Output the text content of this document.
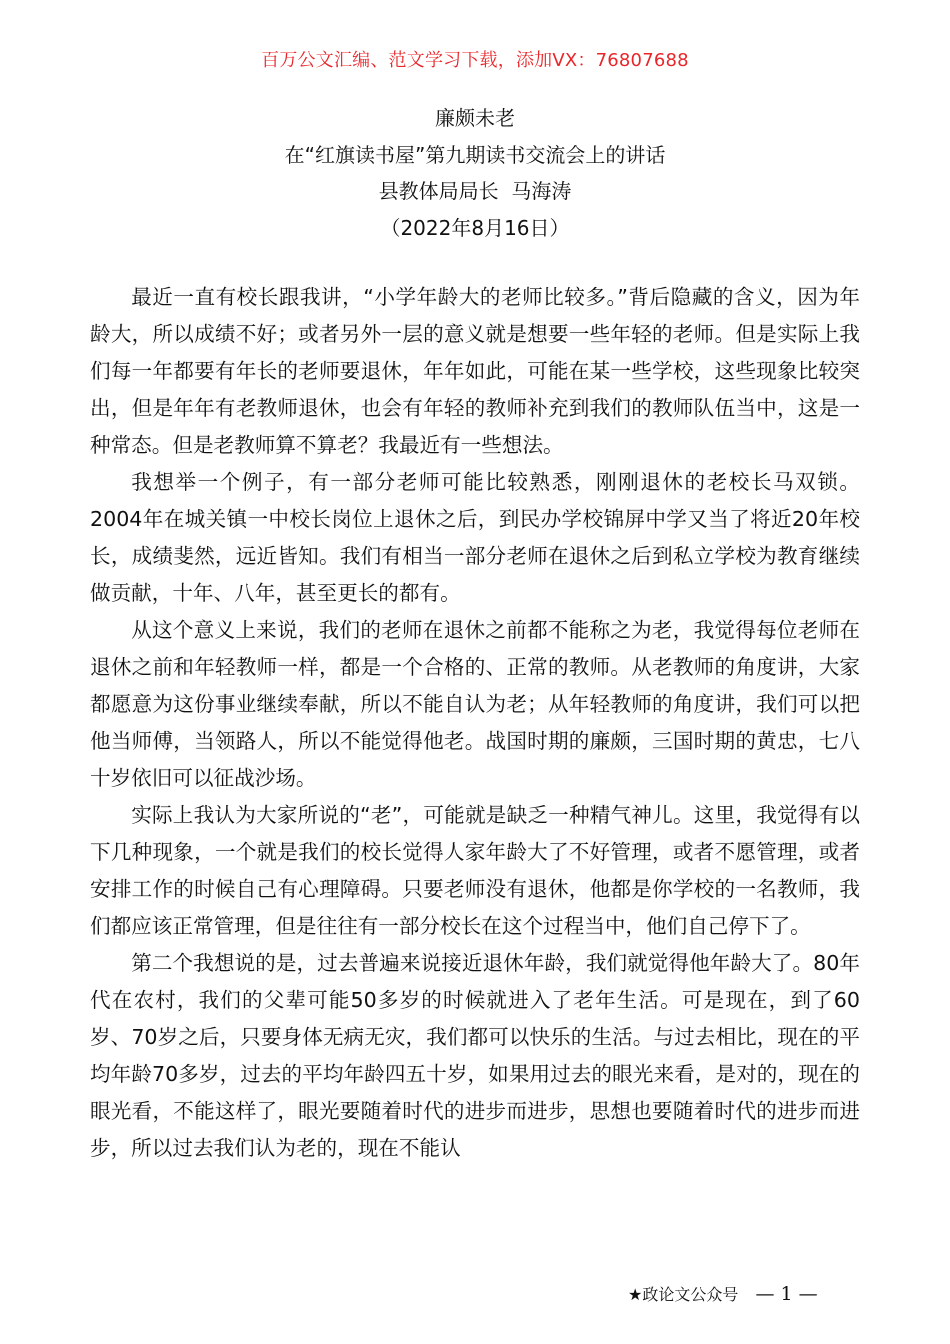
百万公文汇编、范文学习下载，添加VX：76807688
廉颇未老
在“红旗读书屋”第九期读书交流会上的讲话
县教体局局长  马海涛
（2022年8月16日）

最近一直有校长跟我讲，“小学年龄大的老师比较多。”背后隐藏的含义，因为年龄大，所以成绩不好；或者另外一层的意义就是想要一些年轻的老师。但是实际上我们每一年都要有年长的老师要退休，年年如此，可能在某一些学校，这些现象比较突出，但是年年有老教师退休，也会有年轻的教师补充到我们的教师队伍当中，这是一种常态。但是老教师算不算老？我最近有一些想法。

我想举一个例子，有一部分老师可能比较熟悉，刚刚退休的老校长马双锁。2004年在城关镇一中校长岗位上退休之后，到民办学校锦屏中学又当了将近20年校长，成绩斐然，远近皆知。我们有相当一部分老师在退休之后到私立学校为教育继续做贡献，十年、八年，甚至更长的都有。

从这个意义上来说，我们的老师在退休之前都不能称之为老，我觉得每位老师在退休之前和年轻教师一样，都是一个合格的、正常的教师。从老教师的角度讲，大家都愿意为这份事业继续奉献，所以不能自认为老；从年轻教师的角度讲，我们可以把他当师傅，当领路人，所以不能觉得他老。战国时期的廉颇，三国时期的黄忠，七八十岁依旧可以征战沙场。

实际上我认为大家所说的“老”，可能就是缺乏一种精气神儿。这里，我觉得有以下几种现象，一个就是我们的校长觉得人家年龄大了不好管理，或者不愿管理，或者安排工作的时候自己有心理障碍。只要老师没有退休，他都是你学校的一名教师，我们都应该正常管理，但是往往有一部分校长在这个过程当中，他们自己停下了。

第二个我想说的是，过去普遍来说接近退休年龄，我们就觉得他年龄大了。80年代在农村，我们的父辈可能50多岁的时候就进入了老年生活。可是现在，到了60岁、70岁之后，只要身体无病无灾，我们都可以快乐的生活。与过去相比，现在的平均年龄70多岁，过去的平均年龄四五十岁，如果用过去的眼光来看，是对的，现在的眼光看，不能这样了，眼光要随着时代的进步而进步，思想也要随着时代的进步而进步，所以过去我们认为老的，现在不能认

★政论文公众号 — 1 —
